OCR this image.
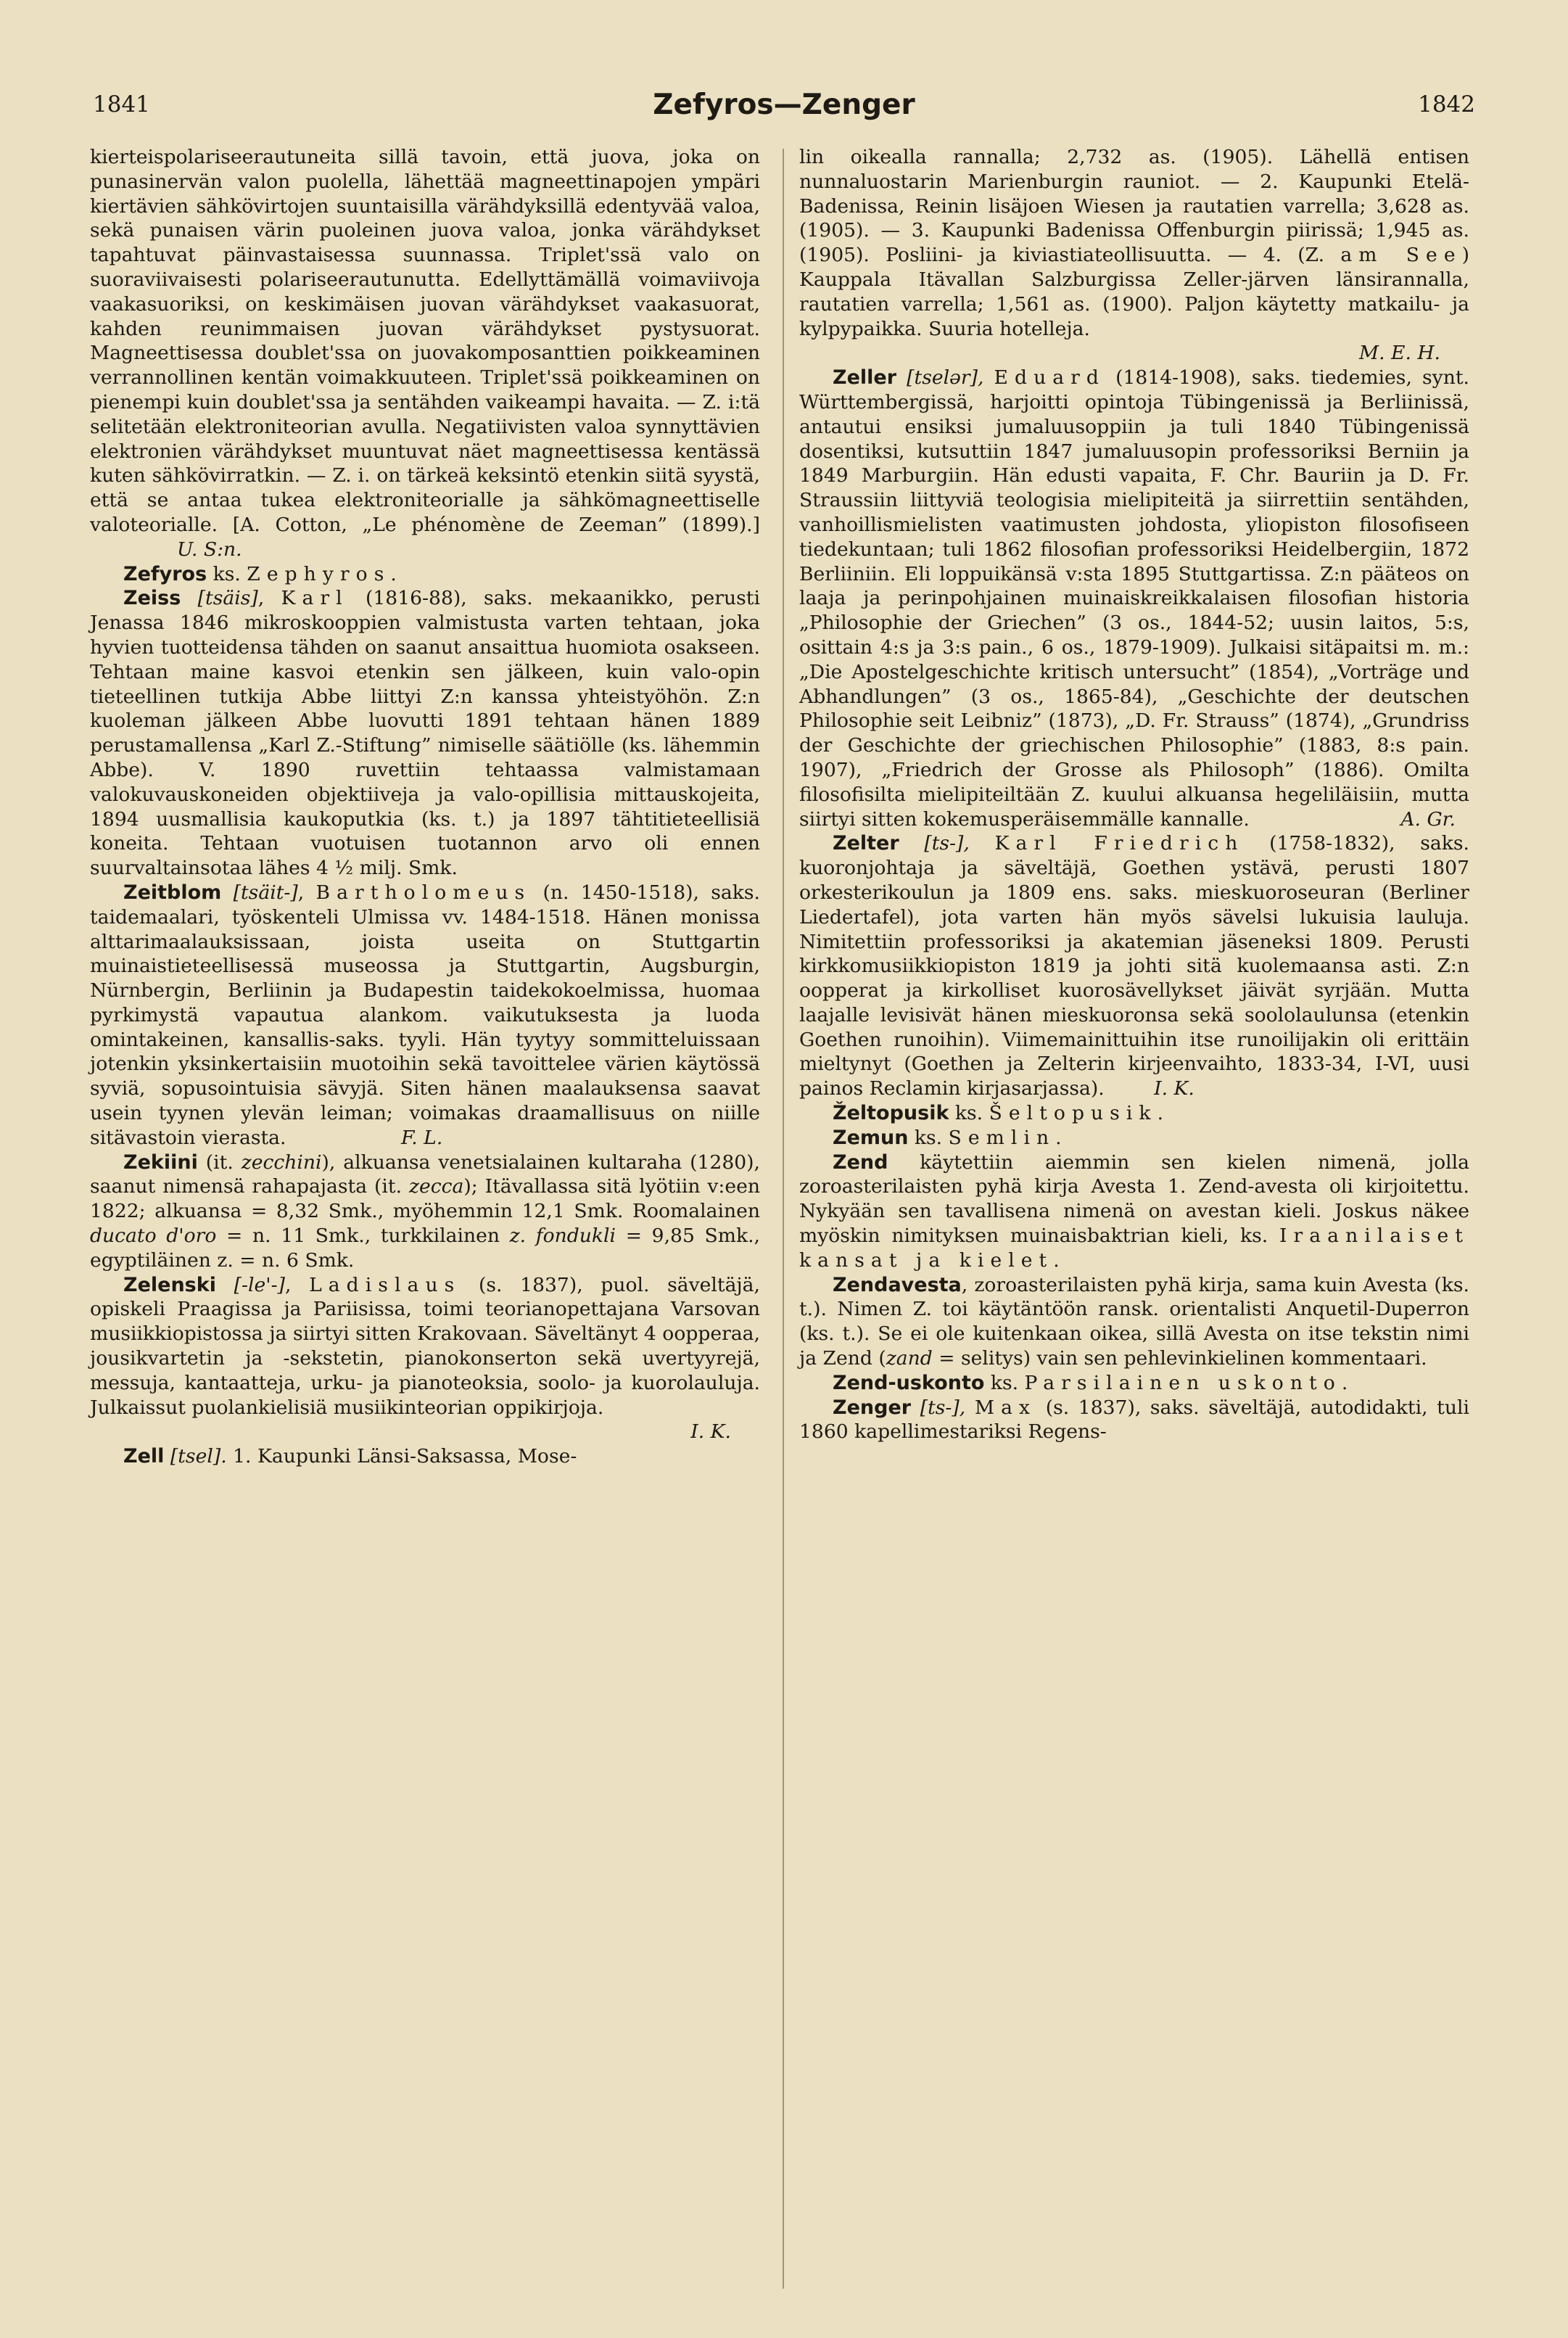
1841	Zefyros—Zenger	1842

kierteispolariseerautuneita sillä tavoin, että juova, joka on punasinervän valon puolella, lähettää magneettinapojen ympäri kiertävien sähkövirtojen suuntaisilla värähdyksillä edentyvää valoa, sekä punaisen värin puoleinen juova valoa, jonka värähdykset tapahtuvat päinvastaisessa suunnassa. Triplet'ssä valo on suoraviivaisesti polariseerautunutta. Edellyttämällä voimaviivoja vaakasuoriksi, on keskimäisen juovan värähdykset vaakasuorat, kahden reunimmaisen juovan värähdykset pystysuorat. Magneettisessa doublet'ssa on juovakomposanttien poikkeaminen verrannollinen kentän voimakkuuteen. Triplet'ssä poikkeaminen on pienempi kuin doublet'ssa ja sentähden vaikeampi havaita. — Z. i:tä selitetään elektroniteorian avulla. Negatiivisten valoa synnyttävien elektronien värähdykset muuntuvat näet magneettisessa kentässä kuten sähkövirratkin. — Z. i. on tärkeä keksintö etenkin siitä syystä, että se antaa tukea elektroniteorialle ja sähkömagneettiselle valoteorialle. [A. Cotton, „Le phénomène de Zeeman” (1899).] U. S:n.

Zefyros ks. Zephyros.

Zeiss [tsäis], Karl (1816-88), saks. mekaanikko, perusti Jenassa 1846 mikroskooppien valmistusta varten tehtaan, joka hyvien tuotteidensa tähden on saanut ansaittua huomiota osakseen. Tehtaan maine kasvoi etenkin sen jälkeen, kuin valo-opin tieteellinen tutkija Abbe liittyi Z:n kanssa yhteistyöhön. Z:n kuoleman jälkeen Abbe luovutti 1891 tehtaan hänen 1889 perustamallensa „Karl Z.-Stiftung” nimiselle säätiölle (ks. lähemmin Abbe). V. 1890 ruvettiin tehtaassa valmistamaan valokuvauskoneiden objektiiveja ja valo-opillisia mittauskojeita, 1894 uusmallisia kaukoputkia (ks. t.) ja 1897 tähtitieteellisiä koneita. Tehtaan vuotuisen tuotannon arvo oli ennen suurvaltainsotaa lähes 4 ½ milj. Smk.

Zeitblom [tsäit-], Bartholomeus (n. 1450-1518), saks. taidemaalari, työskenteli Ulmissa vv. 1484-1518. Hänen monissa alttarimaalauksissaan, joista useita on Stuttgartin muinaistieteellisessä museossa ja Stuttgartin, Augsburgin, Nürnbergin, Berliinin ja Budapestin taidekokoelmissa, huomaa pyrkimystä vapautua alankom. vaikutuksesta ja luoda omintakeinen, kansallis-saks. tyyli. Hän tyytyy sommitteluissaan jotenkin yksinkertaisiin muotoihin sekä tavoittelee värien käytössä syviä, sopusointuisia sävyjä. Siten hänen maalauksensa saavat usein tyynen ylevän leiman; voimakas draamallisuus on niille sitävastoin vierasta.	F. L.

Zekiini (it. zecchini), alkuansa venetsialainen kultaraha (1280), saanut nimensä rahapajasta (it. zecca); Itävallassa sitä lyötiin v:een 1822; alkuansa = 8,32 Smk., myöhemmin 12,1 Smk. Roomalainen ducato d'oro = n. 11 Smk., turkkilainen z. fondukli = 9,85 Smk., egyptiläinen z. = n. 6 Smk.

Zelenski [-le'-], Ladislaus (s. 1837), puol. säveltäjä, opiskeli Praagissa ja Pariisissa, toimi teorianopettajana Varsovan musiikkiopistossa ja siirtyi sitten Krakovaan. Säveltänyt 4 oopperaa, jousikvartetin ja -sekstetin, pianokonserton sekä uvertyyrejä, messuja, kantaatteja, urku- ja pianoteoksia, soolo- ja kuorolauluja. Julkaissut puolankielisiä musiikinteorian oppikirjoja.

I. K.

Zell [tsel]. 1. Kaupunki Länsi-Saksassa, Mose-

lin oikealla rannalla; 2,732 as. (1905). Lähellä entisen nunnaluostarin Marienburgin rauniot. — 2. Kaupunki Etelä-Badenissa, Reinin lisäjoen Wiesen ja rautatien varrella; 3,628 as. (1905). — 3. Kaupunki Badenissa Offenburgin piirissä; 1,945 as. (1905). Posliini- ja kiviastiateollisuutta. — 4. (Z. am See) Kauppala Itävallan Salzburgissa Zeller-järven länsirannalla, rautatien varrella; 1,561 as. (1900). Paljon käytetty matkailu- ja kylpypaikka. Suuria hotelleja.

M. E. H.

Zeller [tselər], Eduard (1814-1908), saks. tiedemies, synt. Württembergissä, harjoitti opintoja Tübingenissä ja Berliinissä, antautui ensiksi jumaluusoppiin ja tuli 1840 Tübingenissä dosentiksi, kutsuttiin 1847 jumaluusopin professoriksi Berniin ja 1849 Marburgiin. Hän edusti vapaita, F. Chr. Bauriin ja D. Fr. Straussiin liittyviä teologisia mielipiteitä ja siirrettiin sentähden, vanhoillismielisten vaatimusten johdosta, yliopiston filosofiseen tiedekuntaan; tuli 1862 filosofian professoriksi Heidelbergiin, 1872 Berliiniin. Eli loppuikänsä v:sta 1895 Stuttgartissa. Z:n pääteos on laaja ja perinpohjainen muinaiskreikkalaisen filosofian historia „Philosophie der Griechen” (3 os., 1844-52; uusin laitos, 5:s, osittain 4:s ja 3:s pain., 6 os., 1879-1909). Julkaisi sitäpaitsi m. m.: „Die Apostelgeschichte kritisch untersucht” (1854), „Vorträge und Abhandlungen” (3 os., 1865-84), „Geschichte der deutschen Philosophie seit Leibniz” (1873), „D. Fr. Strauss” (1874), „Grundriss der Geschichte der griechischen Philosophie” (1883, 8:s pain. 1907), „Friedrich der Grosse als Philosoph” (1886). Omilta filosofisilta mielipiteiltään Z. kuului alkuansa hegeliläisiin, mutta siirtyi sitten kokemusperäisemmälle kannalle.	A. Gr.

Zelter [ts-], Karl Friedrich (1758-1832), saks. kuoronjohtaja ja säveltäjä, Goethen ystävä, perusti 1807 orkesterikoulun ja 1809 ens. saks. mieskuoroseuran (Berliner Liedertafel), jota varten hän myös sävelsi lukuisia lauluja. Nimitettiin professoriksi ja akatemian jäseneksi 1809. Perusti kirkkomusiikkiopiston 1819 ja johti sitä kuolemaansa asti. Z:n oopperat ja kirkolliset kuorosävellykset jäivät syrjään. Mutta laajalle levisivät hänen mieskuoronsa sekä soololaulunsa (etenkin Goethen runoihin). Viimemainittuihin itse runoilijakin oli erittäin mieltynyt (Goethen ja Zelterin kirjeenvaihto, 1833-34, I-VI, uusi painos Reclamin kirjasarjassa).	I. K.

Želtopusik ks. Šeltopusik.

Zemun ks. Semlin.

Zend käytettiin aiemmin sen kielen nimenä, jolla zoroasterilaisten pyhä kirja Avesta 1. Zend-avesta oli kirjoitettu. Nykyään sen tavallisena nimenä on avestan kieli. Joskus näkee myöskin nimityksen muinaisbaktrian kieli, ks. Iraanilaiset kansat ja kielet.

Zendavesta, zoroasterilaisten pyhä kirja, sama kuin Avesta (ks. t.). Nimen Z. toi käytäntöön ransk. orientalisti Anquetil-Duperron (ks. t.). Se ei ole kuitenkaan oikea, sillä Avesta on itse tekstin nimi ja Zend (zand = selitys) vain sen pehlevinkielinen kommentaari.

Zend-uskonto ks. Parsilainen uskonto.

Zenger [ts-], Max (s. 1837), saks. säveltäjä, autodidakti, tuli 1860 kapellimestariksi Regens-
